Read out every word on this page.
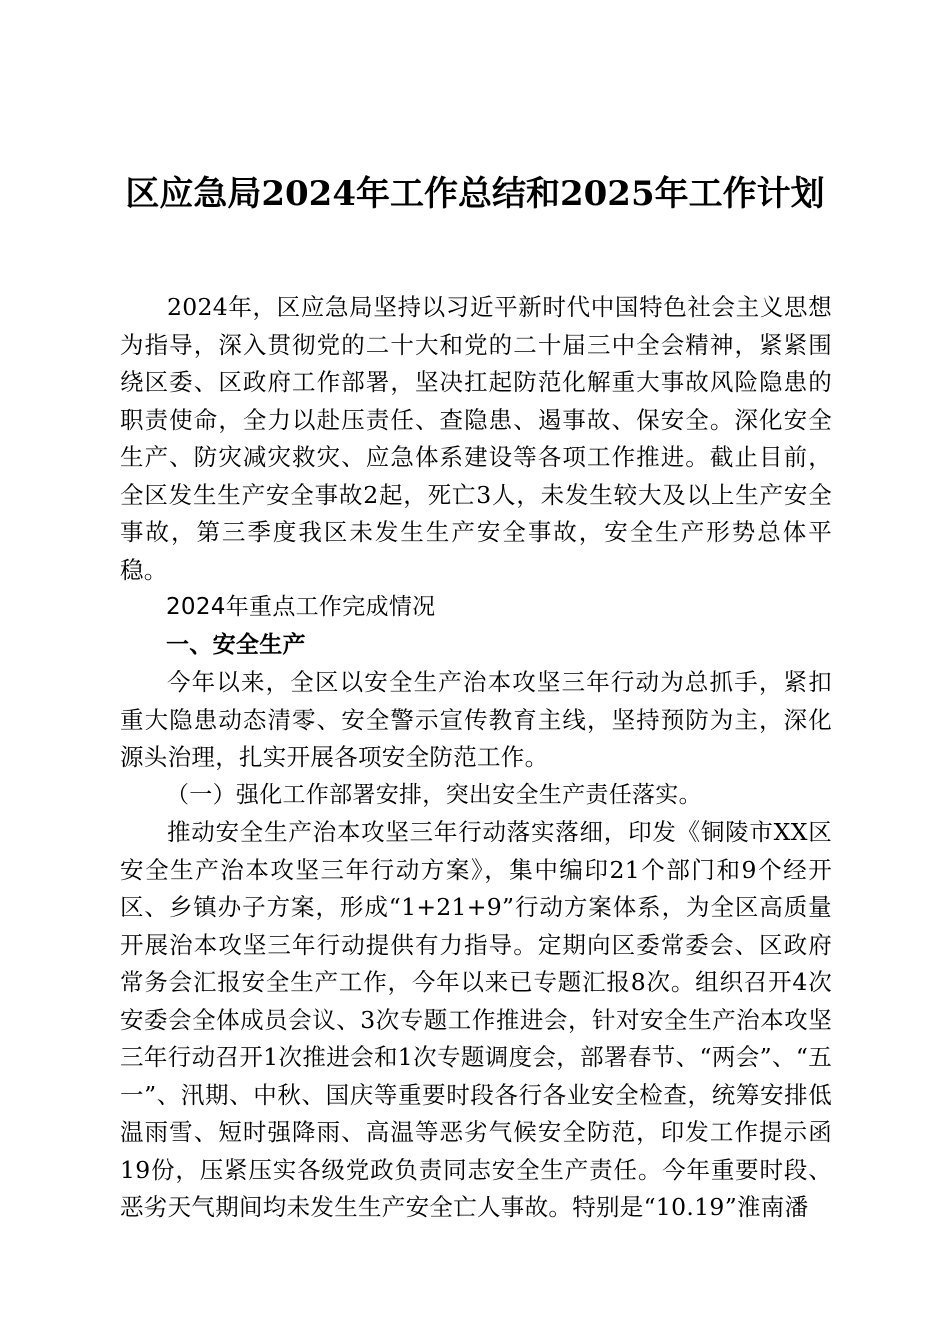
区应急局2024年工作总结和2025年工作计划

2024年，区应急局坚持以习近平新时代中国特色社会主义思想为指导，深入贯彻党的二十大和党的二十届三中全会精神，紧紧围绕区委、区政府工作部署，坚决扛起防范化解重大事故风险隐患的职责使命，全力以赴压责任、查隐患、遏事故、保安全。深化安全生产、防灾减灾救灾、应急体系建设等各项工作推进。截止目前，全区发生生产安全事故2起，死亡3人，未发生较大及以上生产安全事故，第三季度我区未发生生产安全事故，安全生产形势总体平稳。

2024年重点工作完成情况

一、安全生产

今年以来，全区以安全生产治本攻坚三年行动为总抓手，紧扣重大隐患动态清零、安全警示宣传教育主线，坚持预防为主，深化源头治理，扎实开展各项安全防范工作。

（一）强化工作部署安排，突出安全生产责任落实。

推动安全生产治本攻坚三年行动落实落细，印发《铜陵市XX区安全生产治本攻坚三年行动方案》，集中编印21个部门和9个经开区、乡镇办子方案，形成“1+21+9”行动方案体系，为全区高质量开展治本攻坚三年行动提供有力指导。定期向区委常委会、区政府常务会汇报安全生产工作，今年以来已专题汇报8次。组织召开4次安委会全体成员会议、3次专题工作推进会，针对安全生产治本攻坚三年行动召开1次推进会和1次专题调度会，部署春节、“两会”、“五一”、汛期、中秋、国庆等重要时段各行各业安全检查，统筹安排低温雨雪、短时强降雨、高温等恶劣气候安全防范，印发工作提示函19份，压紧压实各级党政负责同志安全生产责任。今年重要时段、恶劣天气期间均未发生生产安全亡人事故。特别是“10.19”淮南潘
